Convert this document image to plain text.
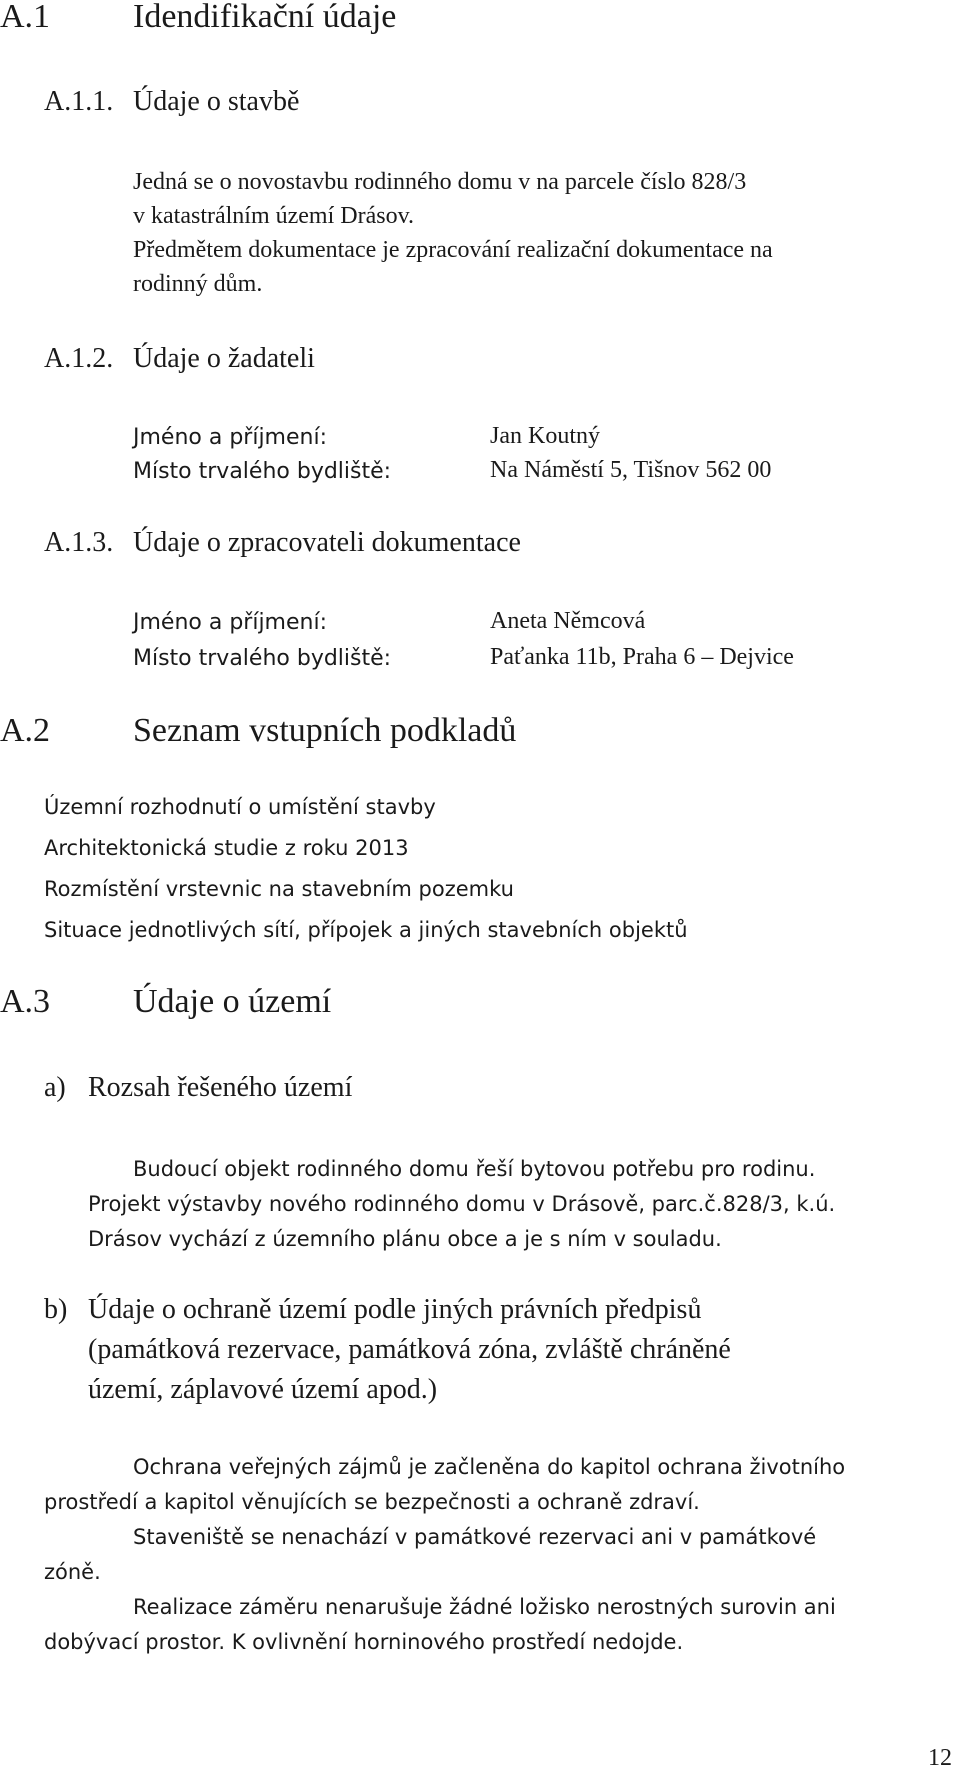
A.1 Idendifikační údaje
A.1.1. Údaje o stavbě
Jedná se o novostavbu rodinného domu v na parcele číslo 828/3
v katastrálním území Drásov.
Předmětem dokumentace je zpracování realizační dokumentace na
rodinný dům.
A.1.2. Údaje o žadateli
Jméno a příjmení:	Jan Koutný
Místo trvalého bydliště:	Na Náměstí 5, Tišnov 562 00
A.1.3. Údaje o zpracovateli dokumentace
Jméno a příjmení:	Aneta Němcová
Místo trvalého bydliště:	Paťanka 11b, Praha 6 – Dejvice
A.2 Seznam vstupních podkladů
Územní rozhodnutí o umístění stavby
Architektonická studie z roku 2013
Rozmístění vrstevnic na stavebním pozemku
Situace jednotlivých sítí, přípojek a jiných stavebních objektů
A.3 Údaje o území
a) Rozsah řešeného území
Budoucí objekt rodinného domu řeší bytovou potřebu pro rodinu.
Projekt výstavby nového rodinného domu v Drásově, parc.č.828/3, k.ú.
Drásov vychází z územního plánu obce a je s ním v souladu.
b) Údaje o ochraně území podle jiných právních předpisů
(památková rezervace, památková zóna, zvláště chráněné
území, záplavové území apod.)
Ochrana veřejných zájmů je začleněna do kapitol ochrana životního
prostředí a kapitol věnujících se bezpečnosti a ochraně zdraví.
Staveniště se nenachází v památkové rezervaci ani v památkové
zóně.
Realizace záměru nenarušuje žádné ložisko nerostných surovin ani
dobývací prostor. K ovlivnění horninového prostředí nedojde.
12
